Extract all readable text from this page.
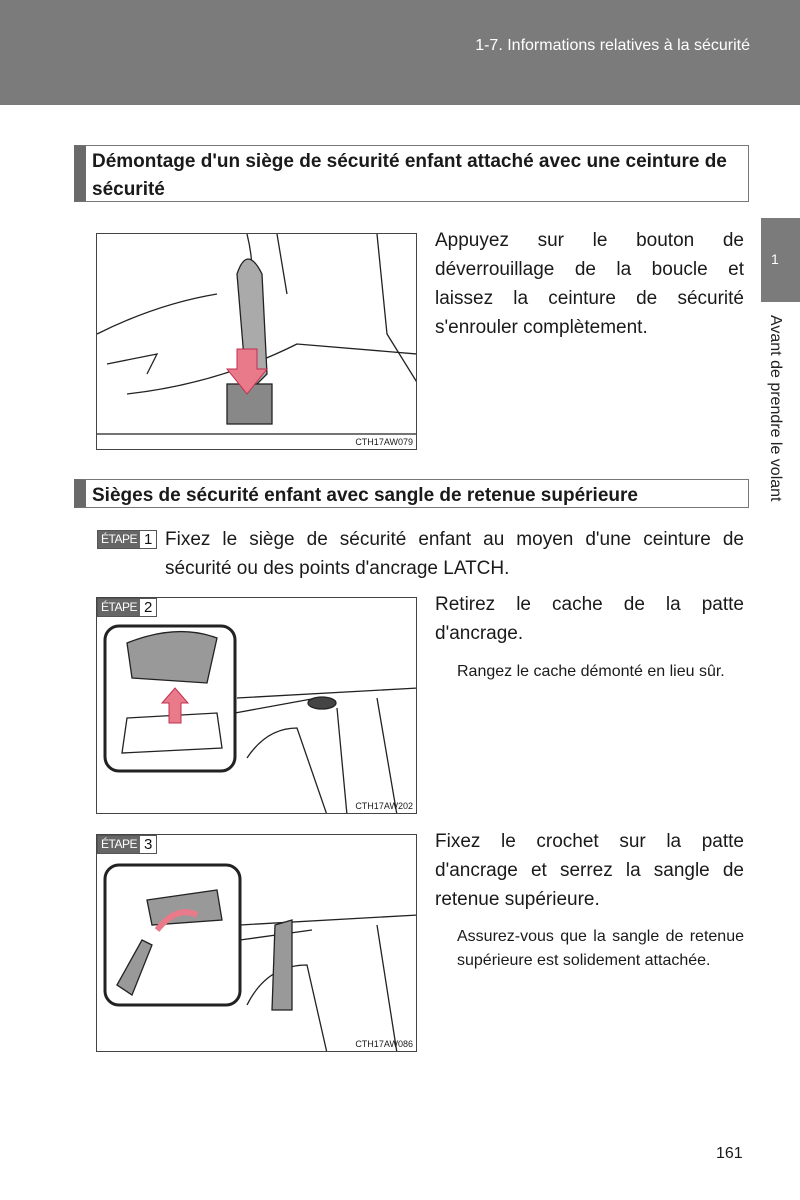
1-7. Informations relatives à la sécurité
1
Avant de prendre le volant
Démontage d'un siège de sécurité enfant attaché avec une ceinture de sécurité
CTH17AW079
Appuyez sur le bouton de déverrouillage de la boucle et laissez la ceinture de sécurité s'enrouler complètement.
Sièges de sécurité enfant avec sangle de retenue supérieure
ÉTAPE 1 Fixez le siège de sécurité enfant au moyen d'une ceinture de sécurité ou des points d'ancrage LATCH.
ÉTAPE 2
CTH17AW202
Retirez le cache de la patte d'ancrage.
Rangez le cache démonté en lieu sûr.
ÉTAPE 3
CTH17AW086
Fixez le crochet sur la patte d'ancrage et serrez la sangle de retenue supérieure.
Assurez-vous que la sangle de retenue supérieure est solidement attachée.
161
